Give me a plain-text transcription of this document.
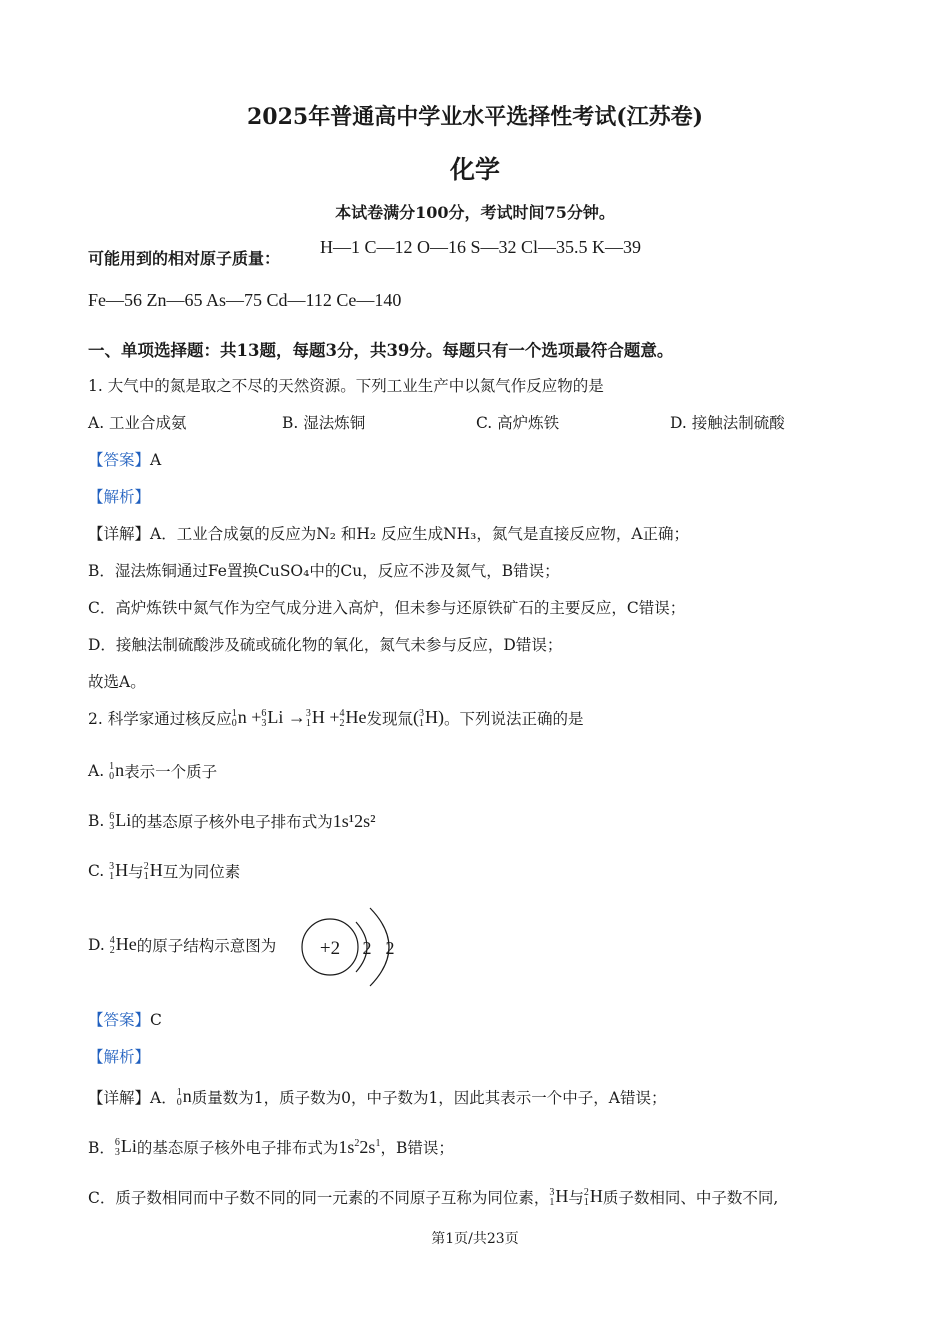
2025年普通高中学业水平选择性考试(江苏卷)
化学
本试卷满分100分，考试时间75分钟。
可能用到的相对原子质量：
H—1 C—12 O—16 S—32 Cl—35.5 K—39
Fe—56 Zn—65 As—75 Cd—112 Ce—140
一、单项选择题：共13题，每题3分，共39分。每题只有一个选项最符合题意。
1. 大气中的氮是取之不尽的天然资源。下列工业生产中以氮气作反应物的是
A. 工业合成氨	B. 湿法炼铜	C. 高炉炼铁	D. 接触法制硫酸
【答案】A
【解析】
【详解】A．工业合成氨的反应为N₂ 和H₂ 反应生成NH₃，氮气是直接反应物，A正确；
B．湿法炼铜通过Fe置换CuSO₄中的Cu，反应不涉及氮气，B错误；
C．高炉炼铁中氮气作为空气成分进入高炉，但未参与还原铁矿石的主要反应，C错误；
D．接触法制硫酸涉及硫或硫化物的氧化，氮气未参与反应，D错误；
故选A。
2. 科学家通过核反应 1
0 n + 6
3 Li → 3
1 H + 4
2 He 发现氚 ( 3
1 H) 。下列说法正确的是
A. 1
0 n 表示一个质子
B. 6
3 Li 的基态原子核外电子排布式为 1s¹2s²
C. 3
1 H 与 2
1 H 互为同位素
D. 4
2 He 的原子结构示意图为 +2 2 2
【答案】C
【解析】
【详解】 A． 1
0 n 质量数为1，质子数为0，中子数为1，因此其表示一个中子，A错误；
B． 6
3 Li 的基态原子核外电子排布式为 $1s^22s^1$ ，B错误；
C．质子数相同而中子数不同的同一元素的不同原子互称为同位素， 3
1 H 与 2
1 H 质子数相同、中子数不同,
第1页/共23页
